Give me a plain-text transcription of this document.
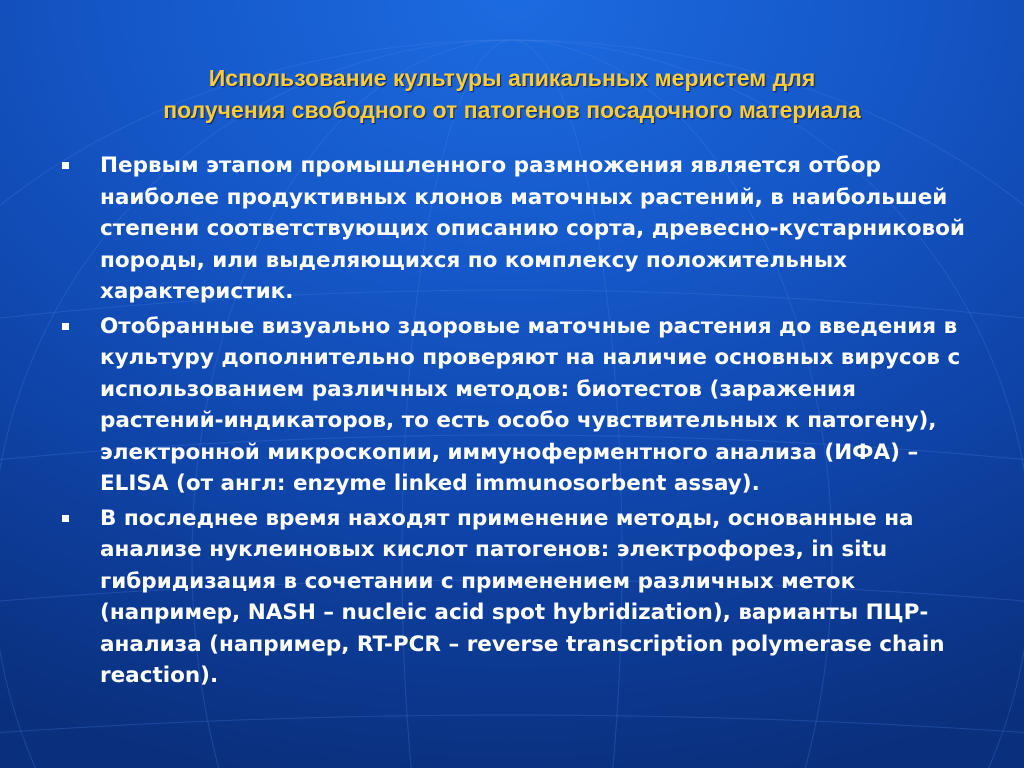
Использование культуры апикальных меристем для
получения свободного от патогенов посадочного материала
Первым этапом промышленного размножения является отбор наиболее продуктивных клонов маточных растений, в наибольшей степени соответствующих описанию сорта, древесно-кустарниковой породы, или выделяющихся по комплексу положительных характеристик.
Отобранные визуально здоровые маточные растения до введения в культуру дополнительно проверяют на наличие основных вирусов с использованием различных методов: биотестов (заражения растений-индикаторов, то есть особо чувствительных к патогену), электронной микроскопии, иммуноферментного анализа (ИФА) – ELISA (от англ: enzyme linked immunosorbent assay).
В последнее время находят применение методы, основанные на анализе нуклеиновых кислот патогенов: электрофорез, in situ гибридизация в сочетании с применением различных меток (например, NASH – nucleic acid spot hybridization), варианты ПЦР-анализа (например, RT-PCR – reverse transcription polymerase chain reaction).
